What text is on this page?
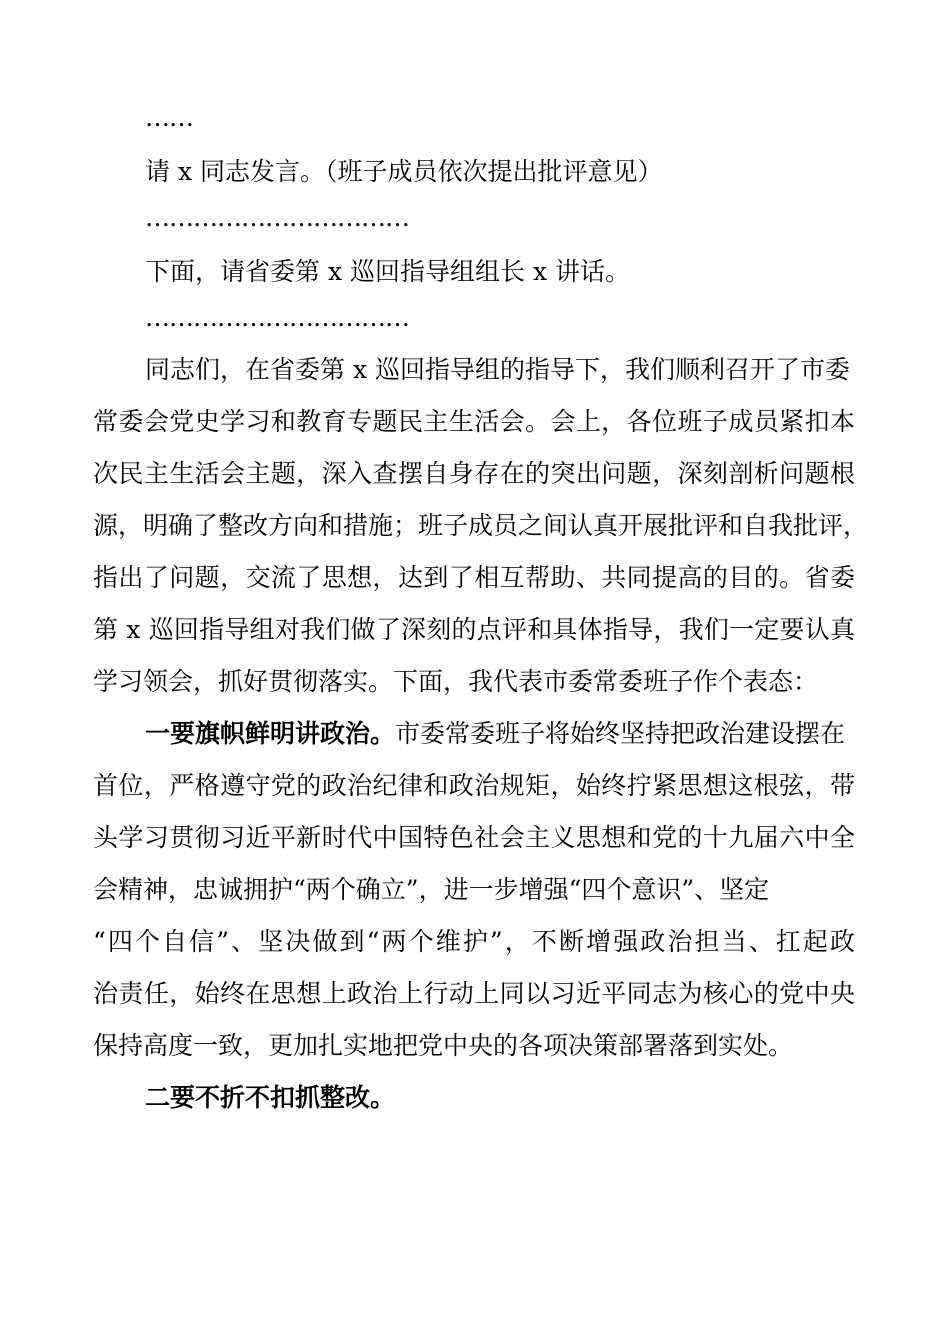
……
请 x 同志发言。（班子成员依次提出批评意见）
……………………………
下面，请省委第 x 巡回指导组组长 x 讲话。
……………………………
同志们，在省委第 x 巡回指导组的指导下，我们顺利召开了市委
常委会党史学习和教育专题民主生活会。会上，各位班子成员紧扣本
次民主生活会主题，深入查摆自身存在的突出问题，深刻剖析问题根
源，明确了整改方向和措施；班子成员之间认真开展批评和自我批评，
指出了问题，交流了思想，达到了相互帮助、共同提高的目的。省委
第 x 巡回指导组对我们做了深刻的点评和具体指导，我们一定要认真
学习领会，抓好贯彻落实。下面，我代表市委常委班子作个表态：
一要旗帜鲜明讲政治。市委常委班子将始终坚持把政治建设摆在
首位，严格遵守党的政治纪律和政治规矩，始终拧紧思想这根弦，带
头学习贯彻习近平新时代中国特色社会主义思想和党的十九届六中全
会精神，忠诚拥护“两个确立”，进一步增强“四个意识”、坚定
“四个自信”、坚决做到“两个维护”，不断增强政治担当、扛起政
治责任，始终在思想上政治上行动上同以习近平同志为核心的党中央
保持高度一致，更加扎实地把党中央的各项决策部署落到实处。
二要不折不扣抓整改。
